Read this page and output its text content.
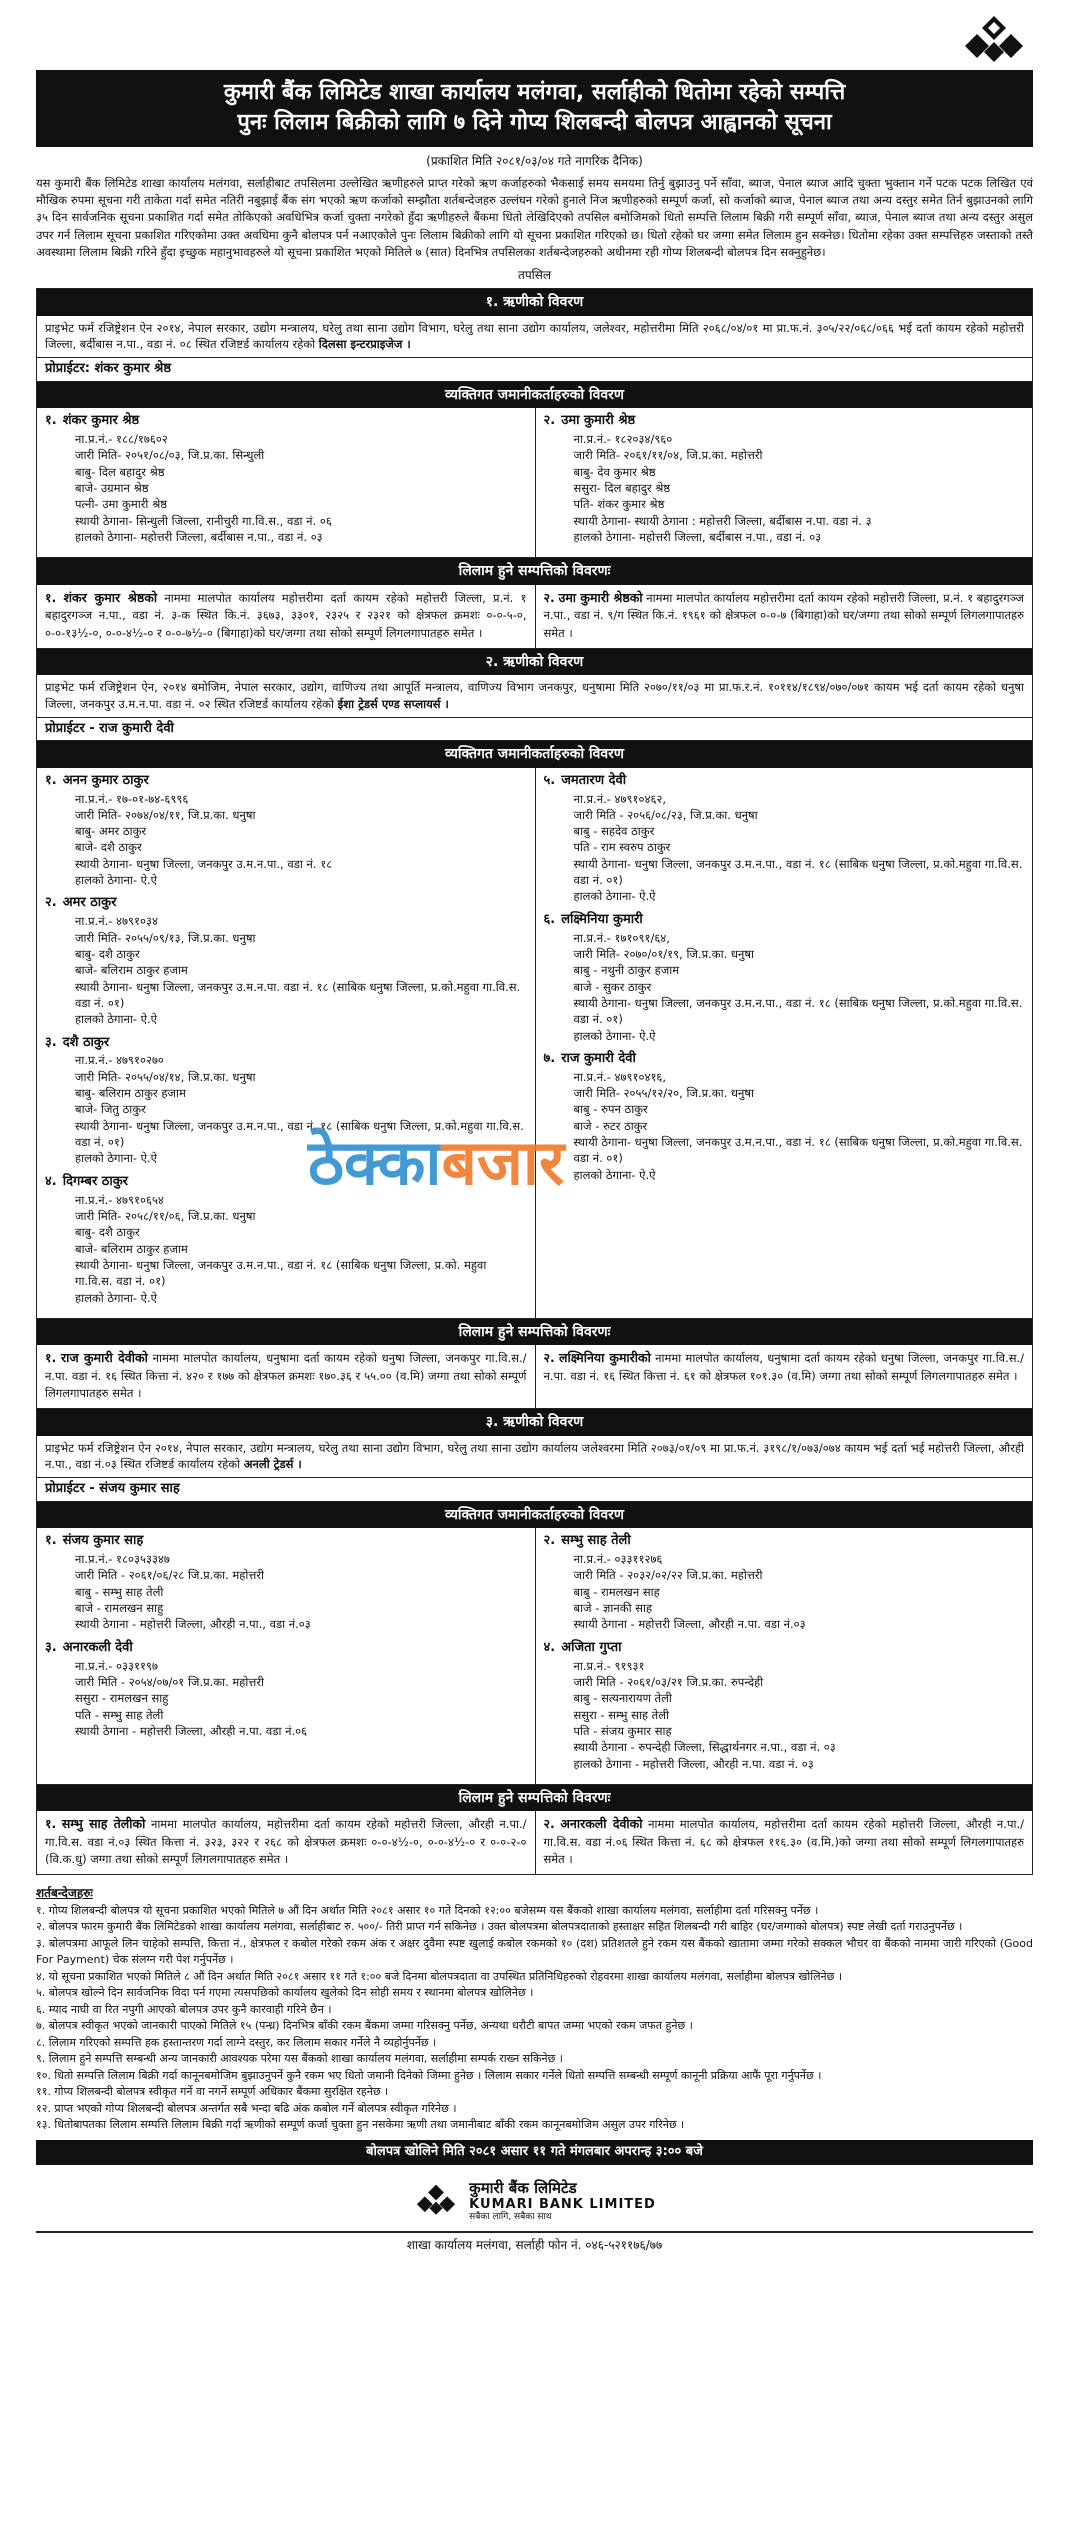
कुमारी बैंक लिमिटेड शाखा कार्यालय मलंगवा, सर्लाहीको धितोमा रहेको सम्पत्ति
पुनः लिलाम बिक्रीको लागि ७ दिने गोप्य शिलबन्दी बोलपत्र आह्वानको सूचना
(प्रकाशित मिति २०८१/०३/०४ गते नागरिक दैनिक)
यस कुमारी बैंक लिमिटेड शाखा कार्यालय मलंगवा, सर्लाहीबाट तपसिलमा उल्लेखित ऋणीहरुले प्राप्त गरेको ऋण कर्जाहरुको भैकसाई समय समयमा तिर्नु बुझाउनु पर्ने साँवा, ब्याज, पेनाल ब्याज आदि चुक्ता भुक्तान गर्ने पटक पटक लिखित एवं मौखिक रुपमा सूचना गरी ताकेता गर्दा समेत नतिरी नबुझाई बैंक संग भएको ऋण कर्जाको सम्झौता शर्तबन्देजहरु उल्लंघन गरेको हुनाले निज ऋणीहरुको सम्पूर्ण कर्जा, सो कर्जाको ब्याज, पेनाल ब्याज तथा अन्य दस्तुर समेत तिर्न बुझाउनको लागि ३५ दिन सार्वजनिक सूचना प्रकाशित गर्दा समेत तोकिएको अवधिभित्र कर्जा चुक्ता नगरेको हुँदा ऋणीहरुले बैंकमा धितो लेखिदिएको तपसिल बमोजिमको धितो सम्पत्ति लिलाम बिक्री गरी सम्पूर्ण साँवा, ब्याज, पेनाल ब्याज तथा अन्य दस्तुर असुल उपर गर्न लिलाम सूचना प्रकाशित गरिएकोमा उक्त अवधिमा कुनै बोलपत्र पर्न नआएकोले पुनः लिलाम बिक्रीको लागि यो सूचना प्रकाशित गरिएको छ। धितो रहेको घर जग्गा समेत लिलाम हुन सक्नेछ। धितोमा रहेका उक्त सम्पत्तिहरु जस्ताको तस्तै अवस्थामा लिलाम बिक्री गरिने हुँदा इच्छुक महानुभावहरुले यो सूचना प्रकाशित भएको मितिले ७ (सात) दिनभित्र तपसिलका शर्तबन्देजहरुको अधीनमा रही गोप्य शिलबन्दी बोलपत्र दिन सक्नुहुनेछ।
तपसिल
१. ऋणीको विवरण
प्राइभेट फर्म रजिष्ट्रेशन ऐन २०१४, नेपाल सरकार, उद्योग मन्त्रालय, घरेलु तथा साना उद्योग विभाग, घरेलु तथा साना उद्योग कार्यालय, जलेश्वर, महोत्तरीमा मिति २०६८/०४/०१ मा प्रा.फ.नं. ३०५/२२/०६८/०६६ भई दर्ता कायम रहेको महोत्तरी जिल्ला, बर्दीबास न.पा., वडा नं. ०८ स्थित रजिष्टर्ड कार्यालय रहेको दिलसा इन्टरप्राइजेज ।
प्रोप्राईटर: शंकर कुमार श्रेष्ठ
व्यक्तिगत जमानीकर्ताहरुको विवरण
१. शंकर कुमार श्रेष्ठ
ना.प्र.नं.- १८८/१७६०२
जारी मिति- २०५१/०८/०३, जि.प्र.का. सिन्धुली
बाबु- दिल बहादुर श्रेष्ठ
बाजे- उग्रमान श्रेष्ठ
पत्नी- उमा कुमारी श्रेष्ठ
स्थायी ठेगाना- सिन्धुली जिल्ला, रानीचुरी गा.वि.स., वडा नं. ०६
हालको ठेगाना- महोत्तरी जिल्ला, बर्दीबास न.पा., वडा नं. ०३
२. उमा कुमारी श्रेष्ठ
ना.प्र.नं.- १८२०३४/९६०
जारी मिति- २०६१/११/०४, जि.प्र.का. महोत्तरी
बाबु- देव कुमार श्रेष्ठ
ससुरा- दिल बहादुर श्रेष्ठ
पति- शंकर कुमार श्रेष्ठ
स्थायी ठेगाना- स्थायी ठेगाना : महोत्तरी जिल्ला, बर्दीबास न.पा. वडा नं. ३
हालको ठेगाना- महोत्तरी जिल्ला, बर्दीबास न.पा., वडा नं. ०३
लिलाम हुने सम्पत्तिको विवरणः
१. शंकर कुमार श्रेष्ठको नाममा मालपोत कार्यालय महोत्तरीमा दर्ता कायम रहेको महोत्तरी जिल्ला, प्र.नं. १ बहादुरगञ्ज न.पा., वडा नं. ३-क स्थित कि.नं. ३६७३, ३३०१, २३२५ र २३२१ को क्षेत्रफल क्रमशः ०-०-५-०, ०-०-१३¹⁄₂-०, ०-०-४¹⁄₂-० र ०-०-७¹⁄₂-० (बिगाहा)को घर/जग्गा तथा सोको सम्पूर्ण लिगलगापातहरु समेत ।
२. उमा कुमारी श्रेष्ठको नाममा मालपोत कार्यालय महोत्तरीमा दर्ता कायम रहेको महोत्तरी जिल्ला, प्र.नं. १ बहादुरगञ्ज न.पा., वडा नं. ९/ग स्थित कि.नं. १९६१ को क्षेत्रफल ०-०-७ (बिगाहा)को घर/जग्गा तथा सोको सम्पूर्ण लिगलगापातहरु समेत ।
२. ऋणीको विवरण
प्राइभेट फर्म रजिष्ट्रेशन ऐन, २०१४ बमोजिम, नेपाल सरकार, उद्योग, वाणिज्य तथा आपूर्ति मन्त्रालय, वाणिज्य विभाग जनकपुर, धनुषामा मिति २०७०/११/०३ मा प्रा.फ.र.नं. १०११४/१८९४/०७०/०७१ कायम भई दर्ता कायम रहेको धनुषा जिल्ला, जनकपुर उ.म.न.पा. वडा नं. ०२ स्थित रजिष्टर्ड कार्यालय रहेको ईशा ट्रेडर्स एण्ड सप्लायर्स ।
प्रोप्राईटर - राज कुमारी देवी
व्यक्तिगत जमानीकर्ताहरुको विवरण
१. अनन कुमार ठाकुर
ना.प्र.नं.- १७-०१-७४-६९९६
जारी मिति- २०७४/०४/११, जि.प्र.का. धनुषा
बाबु- अमर ठाकुर
बाजे- दशै ठाकुर
स्थायी ठेगाना- धनुषा जिल्ला, जनकपुर उ.म.न.पा., वडा नं. १८
हालको ठेगाना- ऐ.ऐ
२. अमर ठाकुर
ना.प्र.नं.- ४७९१०३४
जारी मिति- २०५५/०९/१३, जि.प्र.का. धनुषा
बाबु- दशै ठाकुर
बाजे- बलिराम ठाकुर हजाम
स्थायी ठेगाना- धनुषा जिल्ला, जनकपुर उ.म.न.पा. वडा नं. १८ (साबिक धनुषा जिल्ला, प्र.को.महुवा गा.वि.स. वडा नं. ०१)
हालको ठेगाना- ऐ.ऐ
३. दशै ठाकुर
ना.प्र.नं.- ४७९१०२७०
जारी मिति- २०५५/०४/१४, जि.प्र.का. धनुषा
बाबु- बलिराम ठाकुर हजाम
बाजे- जितु ठाकुर
स्थायी ठेगाना- धनुषा जिल्ला, जनकपुर उ.म.न.पा., वडा नं. १८ (साबिक धनुषा जिल्ला, प्र.को.महुवा गा.वि.स. वडा नं. ०१)
हालको ठेगाना- ऐ.ऐ
४. दिगम्बर ठाकुर
ना.प्र.नं.- ४७९१०६५४
जारी मिति- २०५८/११/०६, जि.प्र.का. धनुषा
बाबु- दशै ठाकुर
बाजे- बलिराम ठाकुर हजाम
स्थायी ठेगाना- धनुषा जिल्ला, जनकपुर उ.म.न.पा., वडा नं. १८ (साबिक धनुषा जिल्ला, प्र.को. महुवा गा.वि.स. वडा नं. ०१)
हालको ठेगाना- ऐ.ऐ
५. जमतारण देवी
ना.प्र.नं.- ४७९१०४६२,
जारी मिति - २०५६/०८/२३, जि.प्र.का. धनुषा
बाबु - सहदेव ठाकुर
पति - राम स्वरुप ठाकुर
स्थायी ठेगाना- धनुषा जिल्ला, जनकपुर उ.म.न.पा., वडा नं. १८ (साबिक धनुषा जिल्ला, प्र.को.महुवा गा.वि.स. वडा नं. ०१)
हालको ठेगाना- ऐ.ऐ
६. लक्ष्मिनिया कुमारी
ना.प्र.नं.- १७१०९१/६४,
जारी मिति- २०७०/०१/१९, जि.प्र.का. धनुषा
बाबु - नथुनी ठाकुर हजाम
बाजे - सुकर ठाकुर
स्थायी ठेगाना- धनुषा जिल्ला, जनकपुर उ.म.न.पा., वडा नं. १८ (साबिक धनुषा जिल्ला, प्र.को.महुवा गा.वि.स. वडा नं. ०१)
हालको ठेगाना- ऐ.ऐ
७. राज कुमारी देवी
ना.प्र.नं.- ४७९१०४१६,
जारी मिति- २०५५/१२/२०, जि.प्र.का. धनुषा
बाबु - रुपन ठाकुर
बाजे - रुटर ठाकुर
स्थायी ठेगाना- धनुषा जिल्ला, जनकपुर उ.म.न.पा., वडा नं. १८ (साबिक धनुषा जिल्ला, प्र.को.महुवा गा.वि.स. वडा नं. ०१)
हालको ठेगाना- ऐ.ऐ
लिलाम हुने सम्पत्तिको विवरणः
१. राज कुमारी देवीको नाममा मालपोत कार्यालय, धनुषामा दर्ता कायम रहेको धनुषा जिल्ला, जनकपुर गा.वि.स./न.पा. वडा नं. १६ स्थित कित्ता नं. ४२० र १७७ को क्षेत्रफल क्रमशः १७०.३६ र ५५.०० (व.मि) जग्गा तथा सोको सम्पूर्ण लिगलगापातहरु समेत ।
२. लक्ष्मिनिया कुमारीको नाममा मालपोत कार्यालय, धनुषामा दर्ता कायम रहेको धनुषा जिल्ला, जनकपुर गा.वि.स./न.पा. वडा नं. १६ स्थित कित्ता नं. ६१ को क्षेत्रफल १०१.३० (व.मि) जग्गा तथा सोको सम्पूर्ण लिगलगापातहरु समेत ।
३. ऋणीको विवरण
प्राइभेट फर्म रजिष्ट्रेशन ऐन २०१४, नेपाल सरकार, उद्योग मन्त्रालय, घरेलु तथा साना उद्योग विभाग, घरेलु तथा साना उद्योग कार्यालय जलेश्वरमा मिति २०७३/०१/०९ मा प्रा.फ.नं. ३१९८/१/०७३/०७४ कायम भई दर्ता भई महोत्तरी जिल्ला, औरही न.पा., वडा नं.०३ स्थित रजिष्टर्ड कार्यालय रहेको अनली ट्रेडर्स ।
प्रोप्राईटर - संजय कुमार साह
व्यक्तिगत जमानीकर्ताहरुको विवरण
१. संजय कुमार साह
ना.प्र.नं.- १८०३५३३४७
जारी मिति - २०६१/०६/२८ जि.प्र.का. महोत्तरी
बाबु - सम्भु साह तेली
बाजे - रामलखन साहु
स्थायी ठेगाना - महोत्तरी जिल्ला, औरही न.पा., वडा नं.०३
३. अनारकली देवी
ना.प्र.नं.- ०३३११९७
जारी मिति - २०५४/०७/०१ जि.प्र.का. महोत्तरी
ससुरा - रामलखन साहु
पति - सम्भु साह तेली
स्थायी ठेगाना - महोत्तरी जिल्ला, औरही न.पा. वडा नं.०६
२. सम्भु साह तेली
ना.प्र.नं.- ०३३११२७६
जारी मिति - २०३२/०२/२२ जि.प्र.का. महोत्तरी
बाबु - रामलखन साह
बाजे - ज्ञानकी साह
स्थायी ठेगाना - महोत्तरी जिल्ला, औरही न.पा. वडा नं.०३
४. अजिता गुप्ता
ना.प्र.नं.- ९१९३१
जारी मिति - २०६१/०३/२१ जि.प्र.का. रुपन्देही
बाबु - सत्यनारायण तेली
ससुरा - सम्भु साह तेली
पति - संजय कुमार साह
स्थायी ठेगाना - रुपन्देही जिल्ला, सिद्धार्थनगर न.पा., वडा नं. ०३
हालको ठेगाना - महोत्तरी जिल्ला, औरही न.पा. वडा नं. ०३
लिलाम हुने सम्पत्तिको विवरणः
१. सम्भु साह तेलीको नाममा मालपोत कार्यालय, महोत्तरीमा दर्ता कायम रहेको महोत्तरी जिल्ला, औरही न.पा./गा.वि.स. वडा नं.०३ स्थित कित्ता नं. ३२३, ३२२ र २६८ को क्षेत्रफल क्रमशः ०-०-४¹⁄₂-०, ०-०-४¹⁄₂-० र ०-०-२-० (वि.क.धु) जग्गा तथा सोको सम्पूर्ण लिगलगापातहरु समेत ।
२. अनारकली देवीको नाममा मालपोत कार्यालय, महोत्तरीमा दर्ता कायम रहेको महोत्तरी जिल्ला, औरही न.पा./गा.वि.स. वडा नं.०६ स्थित कित्ता नं. ६८ को क्षेत्रफल ११६.३० (व.मि.)को जग्गा तथा सोको सम्पूर्ण लिगलगापातहरु समेत ।
शर्तबन्देजहरुः
१. गोप्य शिलबन्दी बोलपत्र यो सूचना प्रकाशित भएको मितिले ७ औं दिन अर्थात मिति २०८१ असार १० गते दिनको १२:०० बजेसम्म यस बैंकको शाखा कार्यालय मलंगवा, सर्लाहीमा दर्ता गरिसक्नु पर्नेछ ।
२. बोलपत्र फारम कुमारी बैंक लिमिटेडको शाखा कार्यालय मलंगवा, सर्लाहीबाट रु. ५००/- तिरी प्राप्त गर्न सकिनेछ । उक्त बोलपत्रमा बोलपत्रदाताको हस्ताक्षर सहित शिलबन्दी गरी बाहिर (घर/जग्गाको बोलपत्र) स्पष्ट लेखी दर्ता गराउनुपर्नेछ ।
३. बोलपत्रमा आफूले लिन चाहेको सम्पत्ति, कित्ता नं., क्षेत्रफल र कबोल गरेको रकम अंक र अक्षर दुवैमा स्पष्ट खुलाई कबोल रकमको १० (दश) प्रतिशतले हुने रकम यस बैंकको खातामा जम्मा गरेको सक्कल भौचर वा बैंकको नाममा जारी गरिएको (Good For Payment) चेक संलग्न गरी पेश गर्नुपर्नेछ ।
४. यो सूचना प्रकाशित भएको मितिले ८ औं दिन अर्थात मिति २०८१ असार ११ गते १:०० बजे दिनमा बोलपत्रदाता वा उपस्थित प्रतिनिधिहरुको रोहवरमा शाखा कार्यालय मलंगवा, सर्लाहीमा बोलपत्र खोलिनेछ ।
५. बोलपत्र खोल्ने दिन सार्वजनिक विदा पर्न गएमा त्यसपछिको कार्यालय खुलेको दिन सोही समय र स्थानमा बोलपत्र खोलिनेछ ।
६. म्याद नाघी वा रित नपुगी आएको बोलपत्र उपर कुनै कारवाही गरिने छैन ।
७. बोलपत्र स्वीकृत भएको जानकारी पाएको मितिले १५ (पन्ध्र) दिनभित्र बाँकी रकम बैंकमा जम्मा गरिसक्नु पर्नेछ, अन्यथा धरौटी बापत जम्मा भएको रकम जफत हुनेछ ।
८. लिलाम गरिएको सम्पत्ति हक हस्तान्तरण गर्दा लाग्ने दस्तुर, कर लिलाम सकार गर्नेले नै व्यहोर्नुपर्नेछ ।
९. लिलाम हुने सम्पत्ति सम्बन्धी अन्य जानकारी आवश्यक परेमा यस बैंकको शाखा कार्यालय मलंगवा, सर्लाहीमा सम्पर्क राख्न सकिनेछ ।
१०. धितो सम्पत्ति लिलाम बिक्री गर्दा कानूनबमोजिम बुझाउनुपर्ने कुनै रकम भए धितो जमानी दिनेको जिम्मा हुनेछ । लिलाम सकार गर्नेले धितो सम्पत्ति सम्बन्धी सम्पूर्ण कानूनी प्रक्रिया आफैं पूरा गर्नुपर्नेछ ।
११. गोप्य शिलबन्दी बोलपत्र स्वीकृत गर्ने वा नगर्ने सम्पूर्ण अधिकार बैंकमा सुरक्षित रहनेछ ।
१२. प्राप्त भएको गोप्य शिलबन्दी बोलपत्र अन्तर्गत सबै भन्दा बढि अंक कबोल गर्ने बोलपत्र स्वीकृत गरिनेछ ।
१३. धितोबापतका लिलाम सम्पत्ति लिलाम बिक्री गर्दा ऋणीको सम्पूर्ण कर्जा चुक्ता हुन नसकेमा ऋणी तथा जमानीबाट बाँकी रकम कानूनबमोजिम असुल उपर गरिनेछ ।
बोलपत्र खोलिने मिति २०८१ असार ११ गते मंगलबार अपरान्ह ३:०० बजे
कुमारी बैंक लिमिटेड
KUMARI BANK LIMITED
सबैका लागि, सबैका साथ
शाखा कार्यालय मलंगवा, सर्लाही फोन नं. ०४६-५२११७६/७७
ठेक्का बजार
